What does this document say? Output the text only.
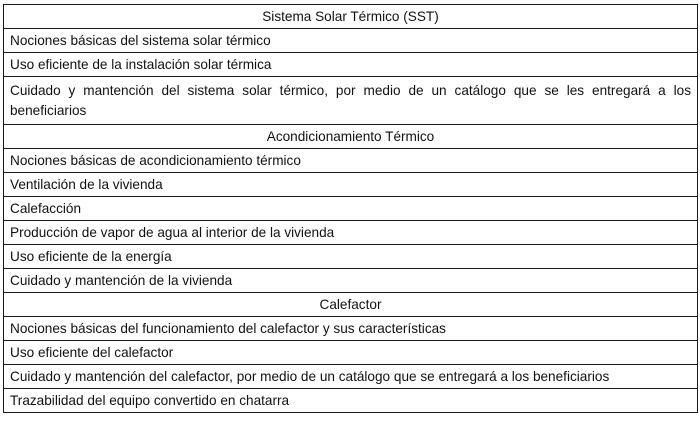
Sistema Solar Térmico (SST)
Nociones básicas del sistema solar térmico
Uso eficiente de la instalación solar térmica
Cuidado y mantención del sistema solar térmico, por medio de un catálogo que se les entregará a los beneficiarios
Acondicionamiento Térmico
Nociones básicas de acondicionamiento térmico
Ventilación de la vivienda
Calefacción
Producción de vapor de agua al interior de la vivienda
Uso eficiente de la energía
Cuidado y mantención de la vivienda
Calefactor
Nociones básicas del funcionamiento del calefactor y sus características
Uso eficiente del calefactor
Cuidado y mantención del calefactor, por medio de un catálogo que se entregará a los beneficiarios
Trazabilidad del equipo convertido en chatarra
